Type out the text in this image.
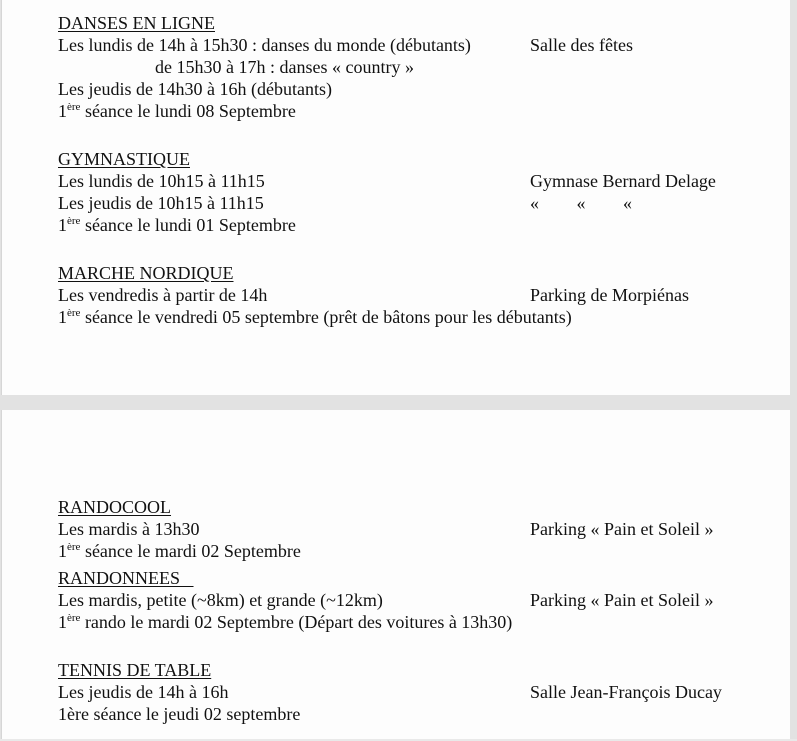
DANSES EN LIGNE
Les lundis de 14h à 15h30 : danses du monde (débutants)	Salle des fêtes
de 15h30 à 17h : danses « country »
Les jeudis de 14h30 à 16h (débutants)
1ère séance le lundi 08 Septembre
GYMNASTIQUE
Les lundis de 10h15 à 11h15	Gymnase Bernard Delage
Les jeudis de 10h15 à 11h15	« « «
1ère séance le lundi 01 Septembre
MARCHE NORDIQUE
Les vendredis à partir de 14h	Parking de Morpiénas
1ère séance le vendredi 05 septembre (prêt de bâtons pour les débutants)
RANDOCOOL
Les mardis à 13h30	Parking « Pain et Soleil »
1ère séance le mardi 02 Septembre
RANDONNEES
Les mardis, petite (~8km) et grande (~12km)	Parking « Pain et Soleil »
1ère rando le mardi 02 Septembre (Départ des voitures à 13h30)
TENNIS DE TABLE
Les jeudis de 14h à 16h	Salle Jean-François Ducay
1ère séance le jeudi 02 septembre
